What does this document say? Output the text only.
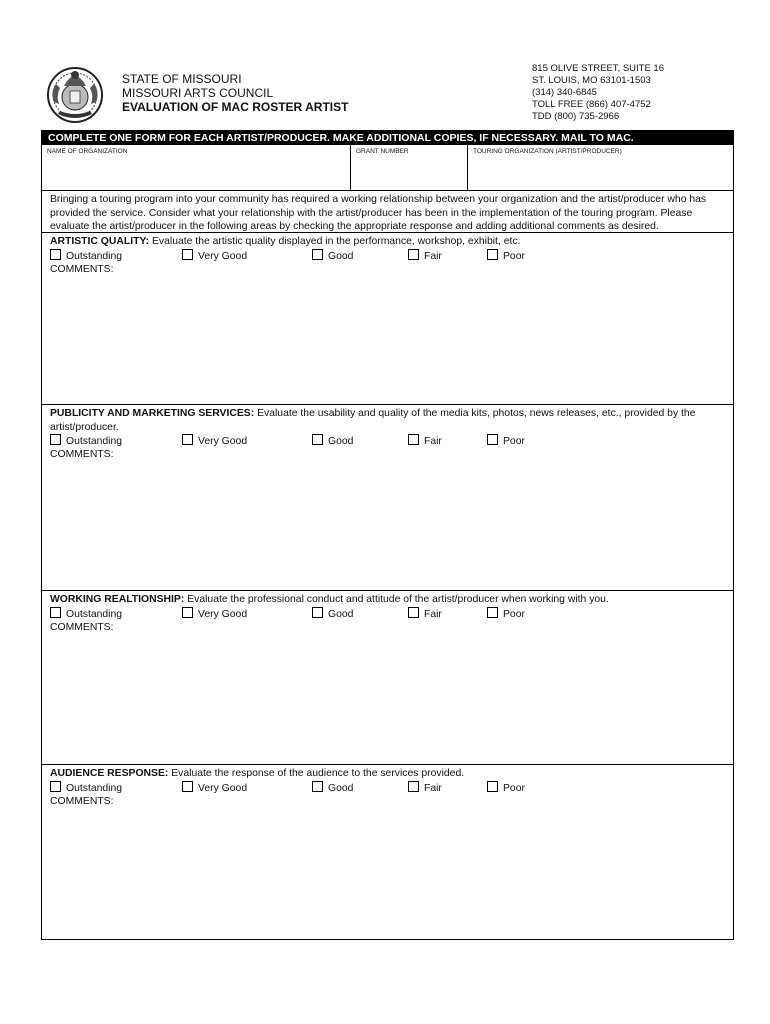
STATE OF MISSOURI
MISSOURI ARTS COUNCIL
EVALUATION OF MAC ROSTER ARTIST
815 OLIVE STREET, SUITE 16
ST. LOUIS, MO 63101-1503
(314) 340-6845
TOLL FREE (866) 407-4752
TDD (800) 735-2966
COMPLETE ONE FORM FOR EACH ARTIST/PRODUCER. MAKE ADDITIONAL COPIES, IF NECESSARY. MAIL TO MAC.
NAME OF ORGANIZATION	GRANT NUMBER	TOURING ORGANIZATION (ARTIST/PRODUCER)
Bringing a touring program into your community has required a working relationship between your organization and the artist/producer who has provided the service. Consider what your relationship with the artist/producer has been in the implementation of the touring program. Please evaluate the artist/producer in the following areas by checking the appropriate response and adding additional comments as desired.
ARTISTIC QUALITY: Evaluate the artistic quality displayed in the performance, workshop, exhibit, etc.
Outstanding	Very Good	Good	Fair	Poor
COMMENTS:
PUBLICITY AND MARKETING SERVICES: Evaluate the usability and quality of the media kits, photos, news releases, etc., provided by the artist/producer.
Outstanding	Very Good	Good	Fair	Poor
COMMENTS:
WORKING REALTIONSHIP: Evaluate the professional conduct and attitude of the artist/producer when working with you.
Outstanding	Very Good	Good	Fair	Poor
COMMENTS:
AUDIENCE RESPONSE: Evaluate the response of the audience to the services provided.
Outstanding	Very Good	Good	Fair	Poor
COMMENTS:
